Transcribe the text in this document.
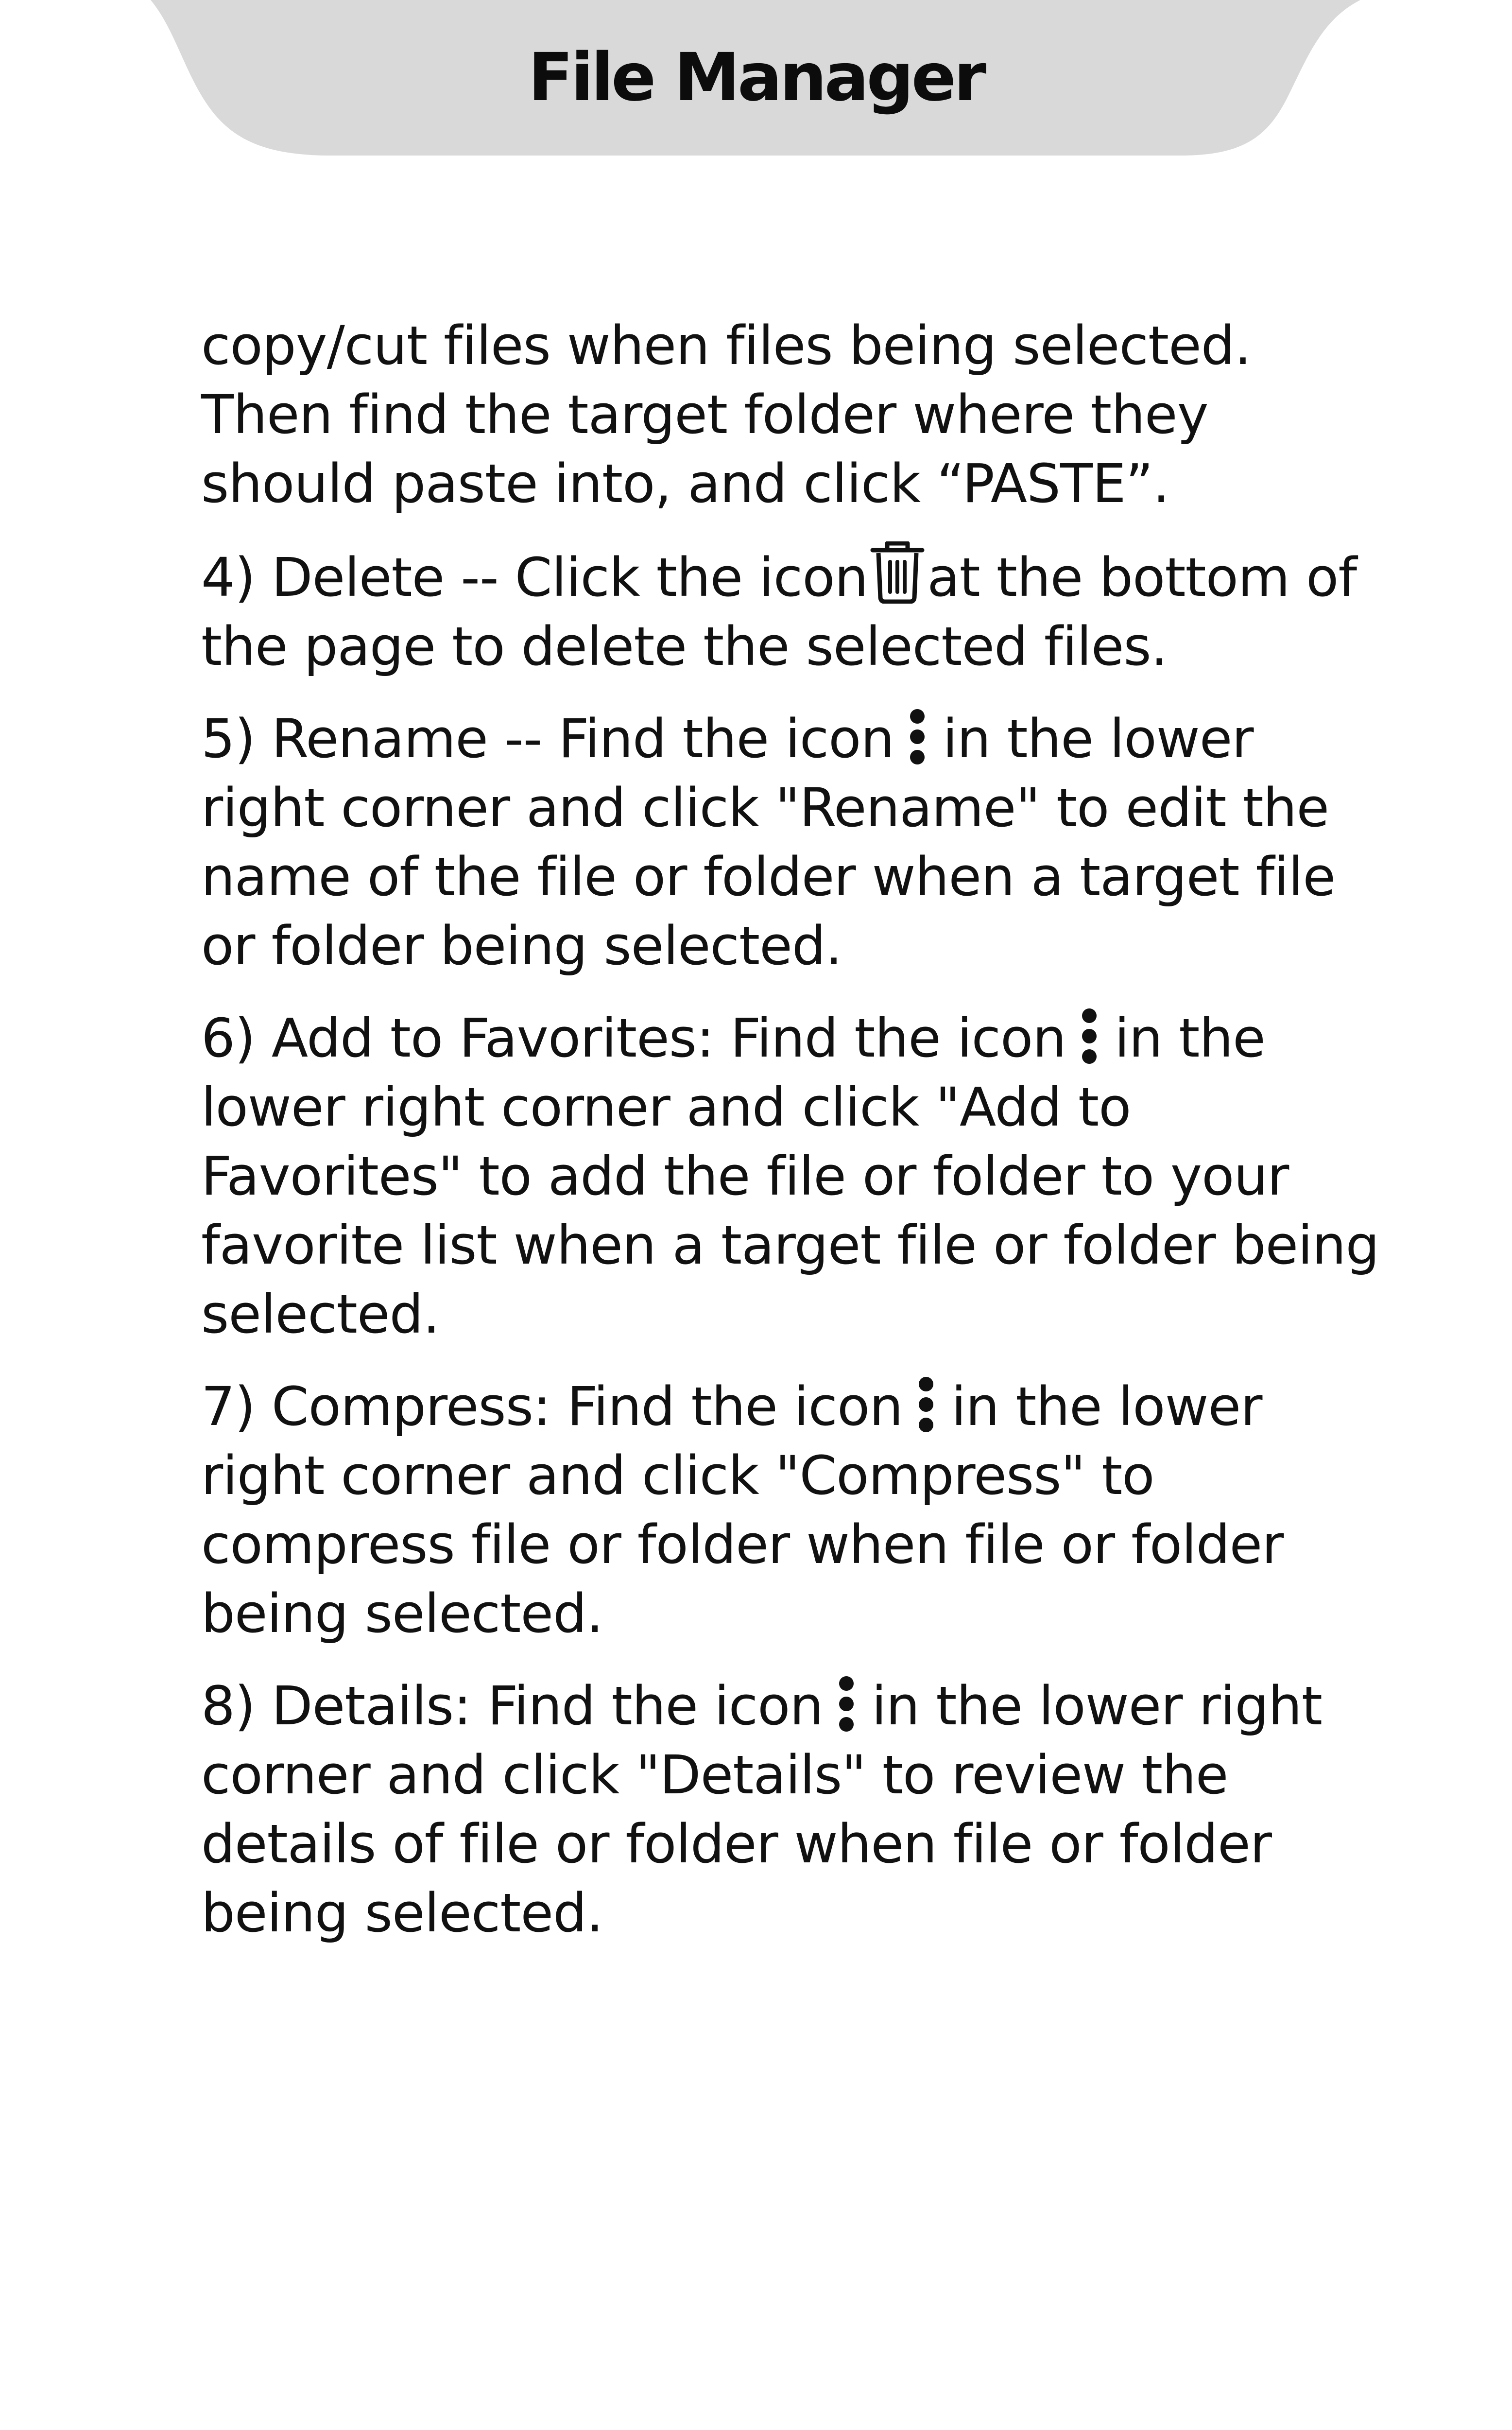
File Manager

copy/cut files when files being selected. Then find the target folder where they should paste into, and click “PASTE”.

4) Delete -- Click the icon at the bottom of the page to delete the selected files.

5) Rename -- Find the icon in the lower right corner and click "Rename" to edit the name of the file or folder when a target file or folder being selected.

6) Add to Favorites: Find the icon in the lower right corner and click "Add to Favorites" to add the file or folder to your favorite list when a target file or folder being selected.

7) Compress: Find the icon in the lower right corner and click "Compress" to compress file or folder when file or folder being selected.

8) Details: Find the icon in the lower right corner and click "Details" to review the details of file or folder when file or folder being selected.
